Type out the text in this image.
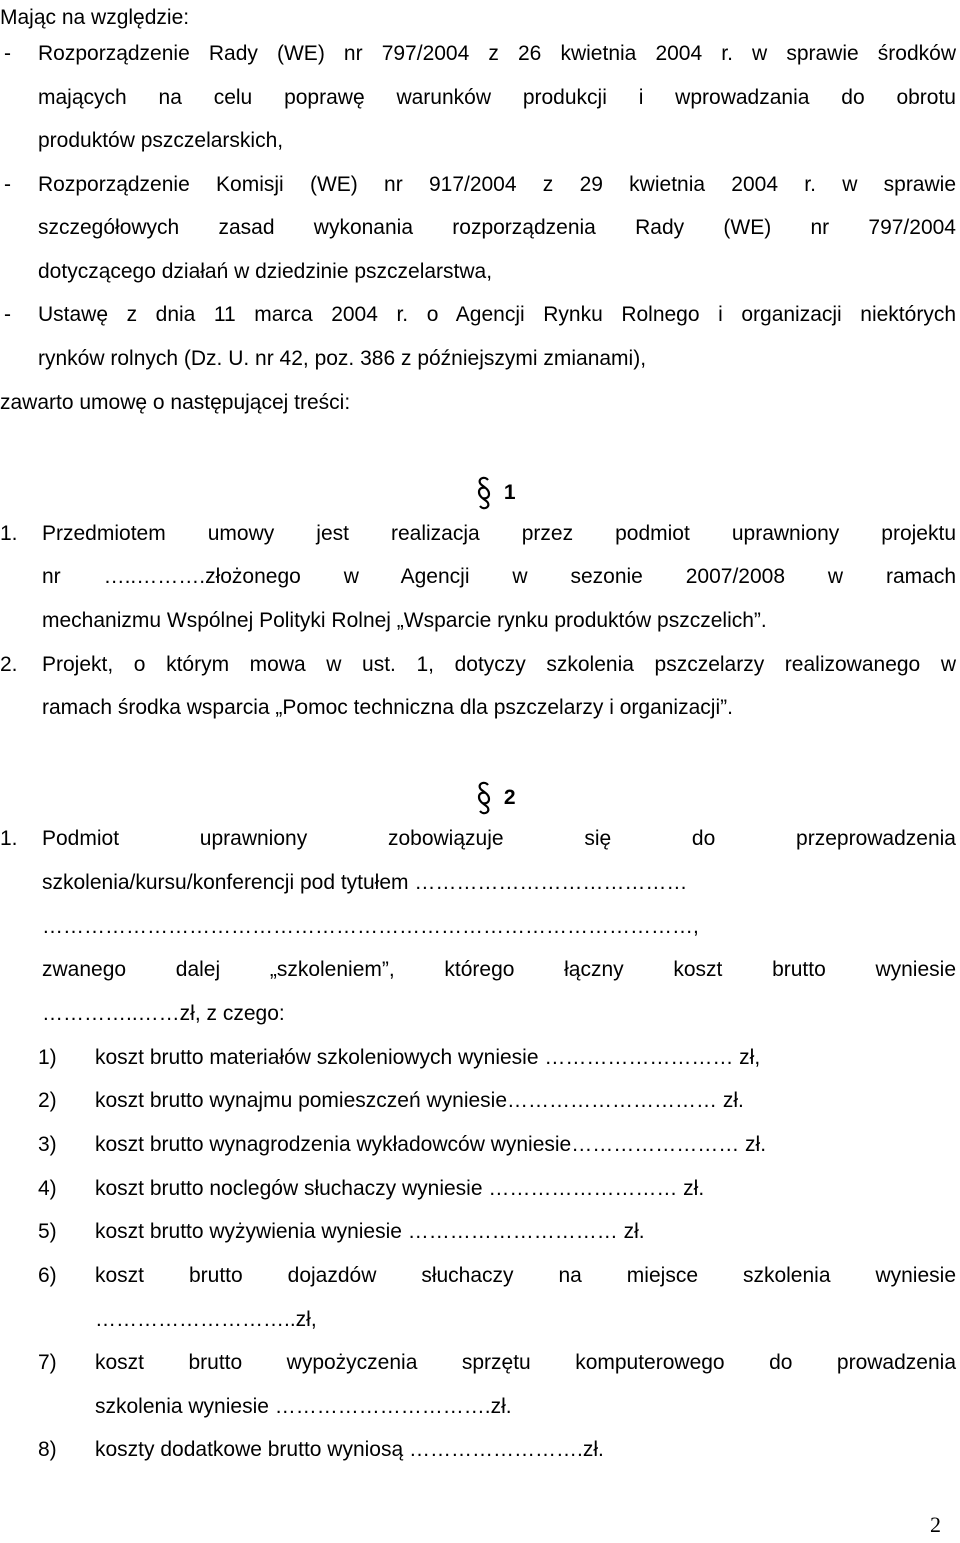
Mając na względzie:
- Rozporządzenie Rady (WE) nr 797/2004 z 26 kwietnia 2004 r. w sprawie środków
mających na celu poprawę warunków produkcji i wprowadzania do obrotu
produktów pszczelarskich,
- Rozporządzenie Komisji (WE) nr 917/2004 z 29 kwietnia 2004 r. w sprawie
szczegółowych zasad wykonania rozporządzenia Rady (WE) nr 797/2004
dotyczącego działań w dziedzinie pszczelarstwa,
- Ustawę z dnia 11 marca 2004 r. o Agencji Rynku Rolnego i organizacji niektórych
rynków rolnych (Dz. U. nr 42, poz. 386 z późniejszymi zmianami),
zawarto umowę o następującej treści:
1
1. Przedmiotem umowy jest realizacja przez podmiot uprawniony projektu
nr …..……….złożonego w Agencji w sezonie 2007/2008 w ramach
mechanizmu Wspólnej Polityki Rolnej „Wsparcie rynku produktów pszczelich”.
2. Projekt, o którym mowa w ust. 1, dotyczy szkolenia pszczelarzy realizowanego w
ramach środka wsparcia „Pomoc techniczna dla pszczelarzy i organizacji”.
2
1. Podmiot uprawniony zobowiązuje się do przeprowadzenia
szkolenia/kursu/konferencji pod tytułem …………………………………
…………………………………………………………………………………,
zwanego dalej „szkoleniem”, którego łączny koszt brutto wyniesie
…………..……zł, z czego:
1) koszt brutto materiałów szkoleniowych wyniesie ……………………… zł,
2) koszt brutto wynajmu pomieszczeń wyniesie………………………… zł.
3) koszt brutto wynagrodzenia wykładowców wyniesie…………………… zł.
4) koszt brutto noclegów słuchaczy wyniesie ……………………… zł.
5) koszt brutto wyżywienia wyniesie ………………………… zł.
6) koszt brutto dojazdów słuchaczy na miejsce szkolenia wyniesie
………………………..zł,
7) koszt brutto wypożyczenia sprzętu komputerowego do prowadzenia
szkolenia wyniesie ………………………….zł.
8) koszty dodatkowe brutto wyniosą …………………….zł.
2
